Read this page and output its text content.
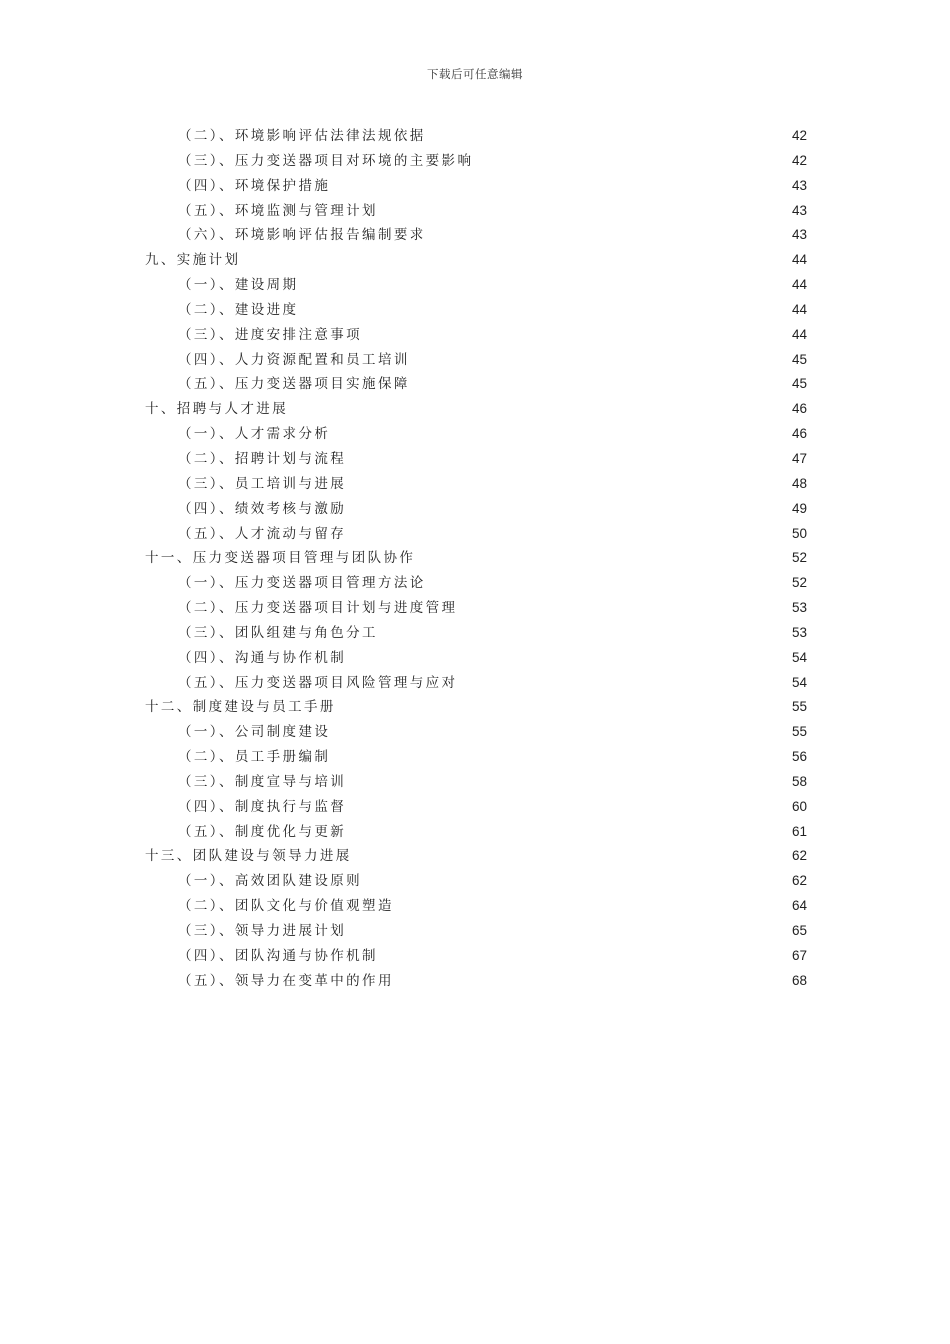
下载后可任意编辑
（二）、环境影响评估法律法规依据	42
（三）、压力变送器项目对环境的主要影响	42
（四）、环境保护措施	43
（五）、环境监测与管理计划	43
（六）、环境影响评估报告编制要求	43
九、实施计划	44
（一）、建设周期	44
（二）、建设进度	44
（三）、进度安排注意事项	44
（四）、人力资源配置和员工培训	45
（五）、压力变送器项目实施保障	45
十、招聘与人才进展	46
（一）、人才需求分析	46
（二）、招聘计划与流程	47
（三）、员工培训与进展	48
（四）、绩效考核与激励	49
（五）、人才流动与留存	50
十一、压力变送器项目管理与团队协作	52
（一）、压力变送器项目管理方法论	52
（二）、压力变送器项目计划与进度管理	53
（三）、团队组建与角色分工	53
（四）、沟通与协作机制	54
（五）、压力变送器项目风险管理与应对	54
十二、制度建设与员工手册	55
（一）、公司制度建设	55
（二）、员工手册编制	56
（三）、制度宣导与培训	58
（四）、制度执行与监督	60
（五）、制度优化与更新	61
十三、团队建设与领导力进展	62
（一）、高效团队建设原则	62
（二）、团队文化与价值观塑造	64
（三）、领导力进展计划	65
（四）、团队沟通与协作机制	67
（五）、领导力在变革中的作用	68
